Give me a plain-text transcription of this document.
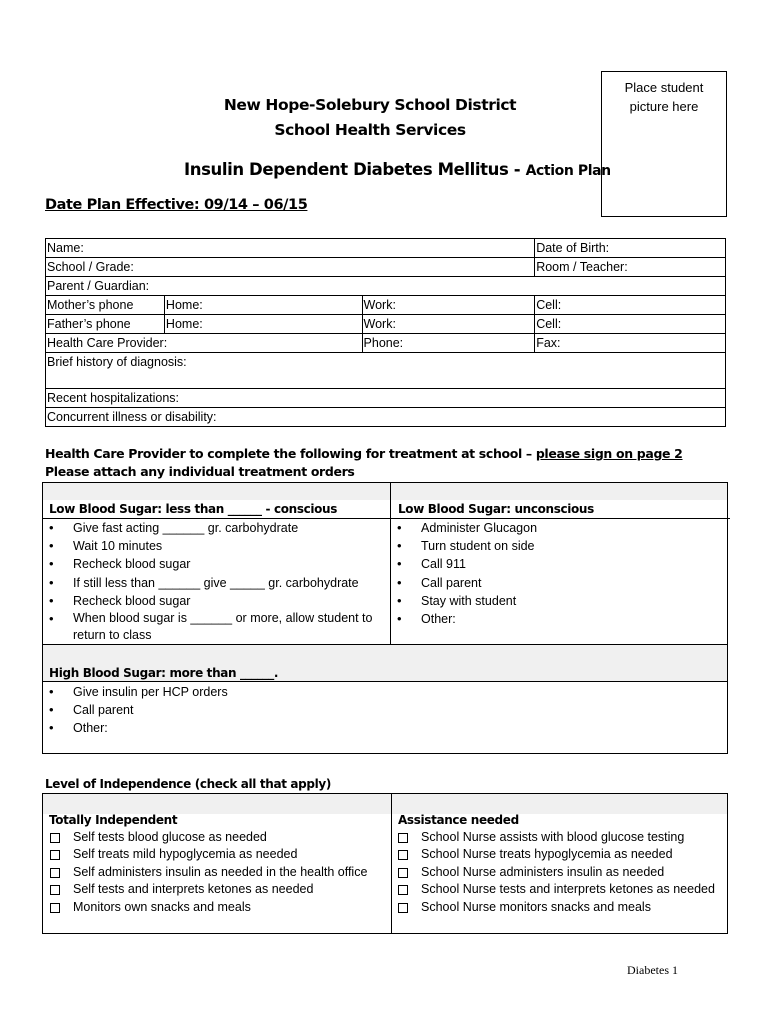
Place student
picture here
New Hope-Solebury School District
School Health Services
Insulin Dependent Diabetes Mellitus - Action Plan
Date Plan Effective: 09/14 – 06/15
Name:			Date of Birth:
School / Grade:			Room / Teacher:
Parent / Guardian:			
Mother’s phone	Home:	Work:	Cell:
Father’s phone	Home:	Work:	Cell:
Health Care Provider:		Phone:	Fax:
Brief history of diagnosis:			
Recent hospitalizations:			
Concurrent illness or disability:			
Health Care Provider to complete the following for treatment at school – please sign on page 2
Please attach any individual treatment orders
Low Blood Sugar: less than ______ - conscious
• Give fast acting ______ gr. carbohydrate
• Wait 10 minutes
• Recheck blood sugar
• If still less than ______ give _____ gr. carbohydrate
• Recheck blood sugar
• When blood sugar is ______ or more, allow student to return to class
Low Blood Sugar: unconscious
• Administer Glucagon
• Turn student on side
• Call 911
• Call parent
• Stay with student
• Other:
High Blood Sugar: more than ______.
• Give insulin per HCP orders
• Call parent
• Other:
Level of Independence (check all that apply)
Totally Independent
Self tests blood glucose as needed
Self treats mild hypoglycemia as needed
Self administers insulin as needed in the health office
Self tests and interprets ketones as needed
Monitors own snacks and meals
Assistance needed
School Nurse assists with blood glucose testing
School Nurse treats hypoglycemia as needed
School Nurse administers insulin as needed
School Nurse tests and interprets ketones as needed
School Nurse monitors snacks and meals
Diabetes 1
